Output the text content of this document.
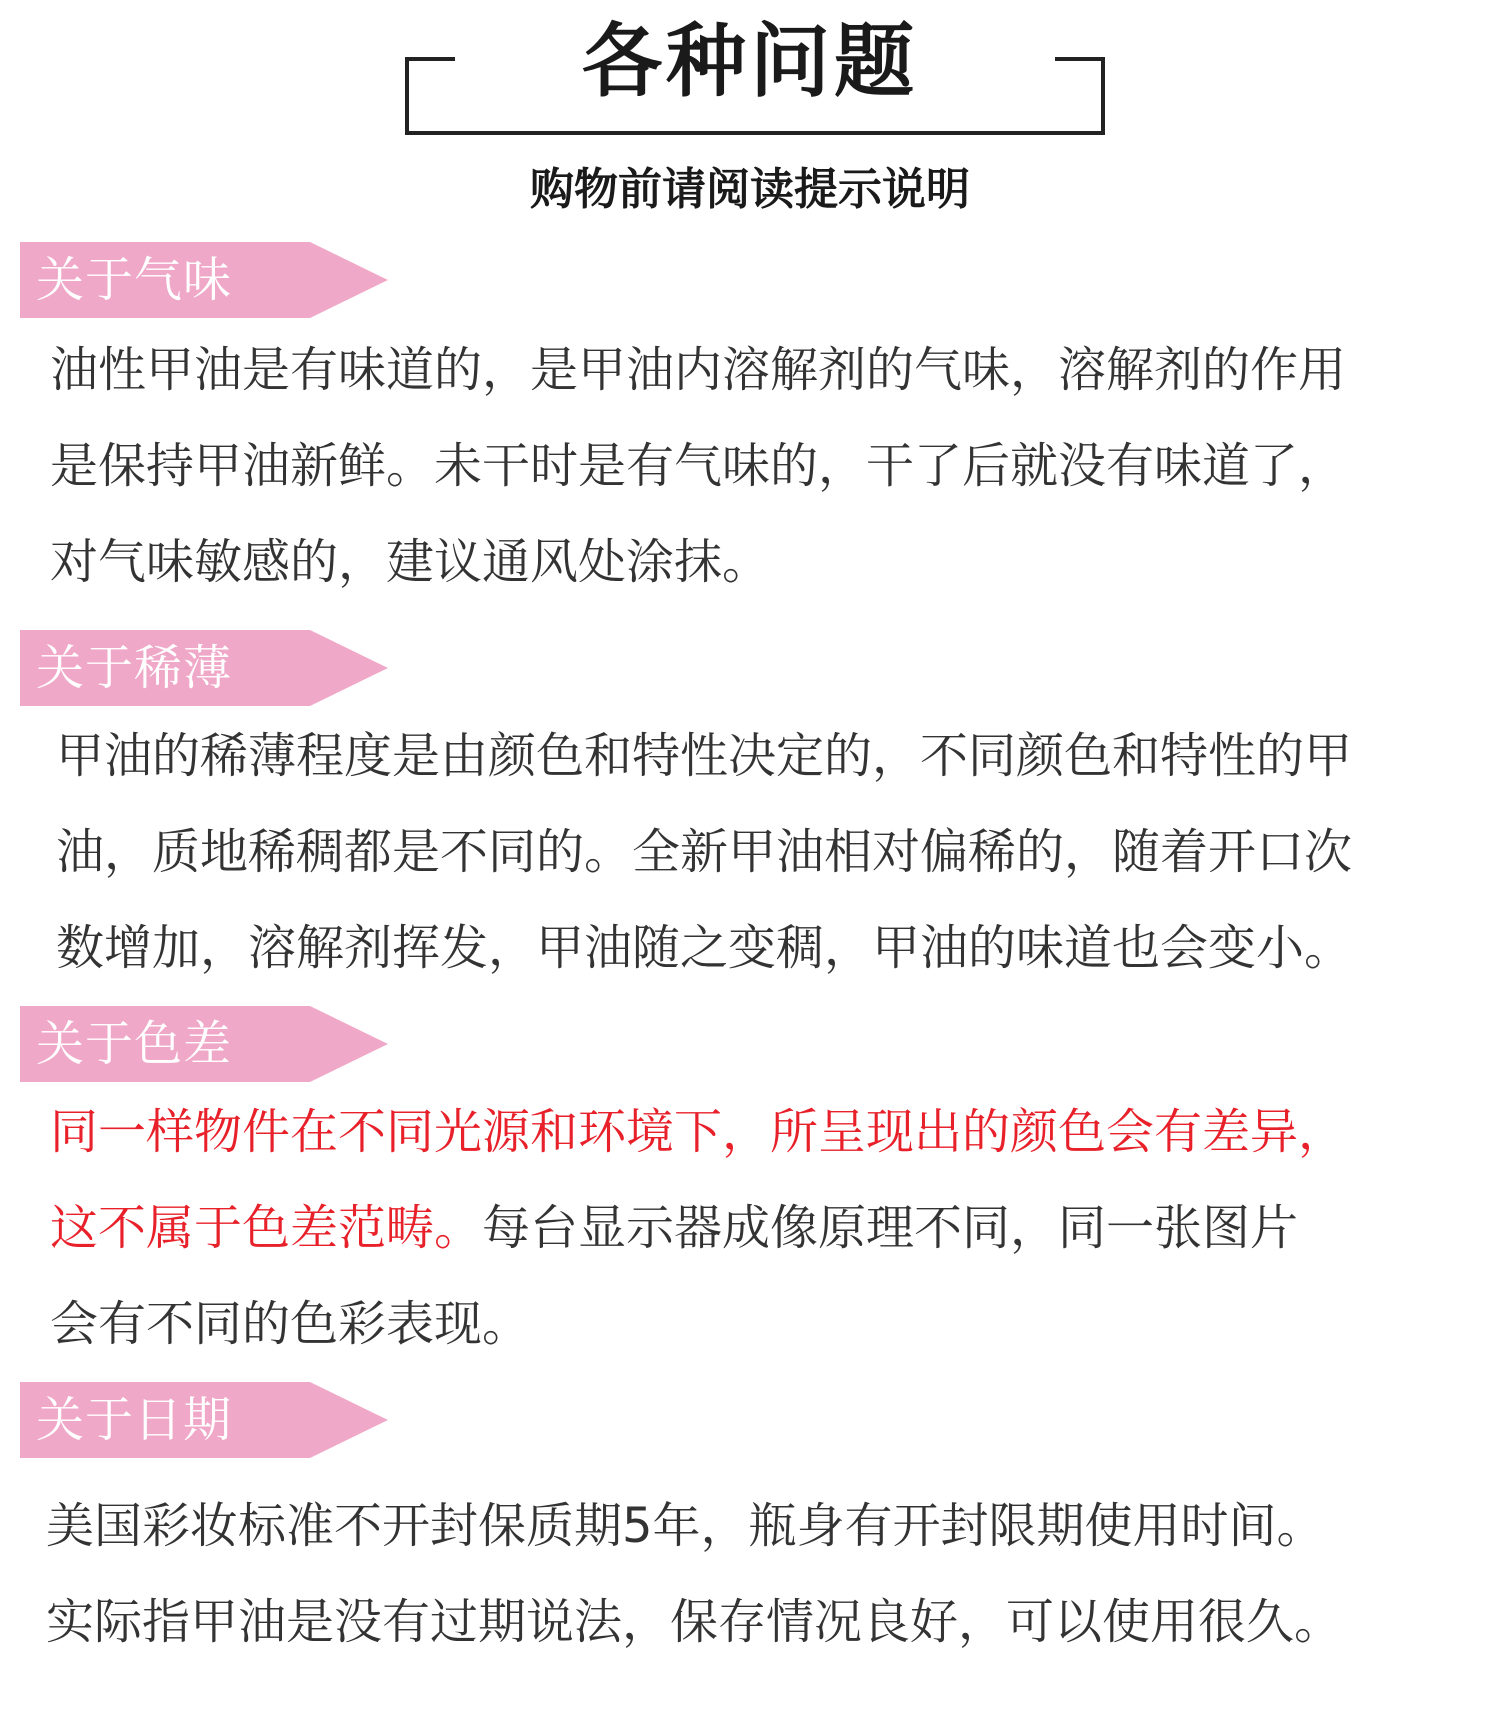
各种问题
购物前请阅读提示说明
关于气味
油性甲油是有味道的，是甲油内溶解剂的气味，溶解剂的作用
是保持甲油新鲜。未干时是有气味的，干了后就没有味道了，
对气味敏感的，建议通风处涂抹。
关于稀薄
甲油的稀薄程度是由颜色和特性决定的，不同颜色和特性的甲
油，质地稀稠都是不同的。全新甲油相对偏稀的，随着开口次
数增加，溶解剂挥发，甲油随之变稠，甲油的味道也会变小。
关于色差
同一样物件在不同光源和环境下，所呈现出的颜色会有差异，
这不属于色差范畴。每台显示器成像原理不同，同一张图片
会有不同的色彩表现。
关于日期
美国彩妆标准不开封保质期5年，瓶身有开封限期使用时间。
实际指甲油是没有过期说法，保存情况良好，可以使用很久。
